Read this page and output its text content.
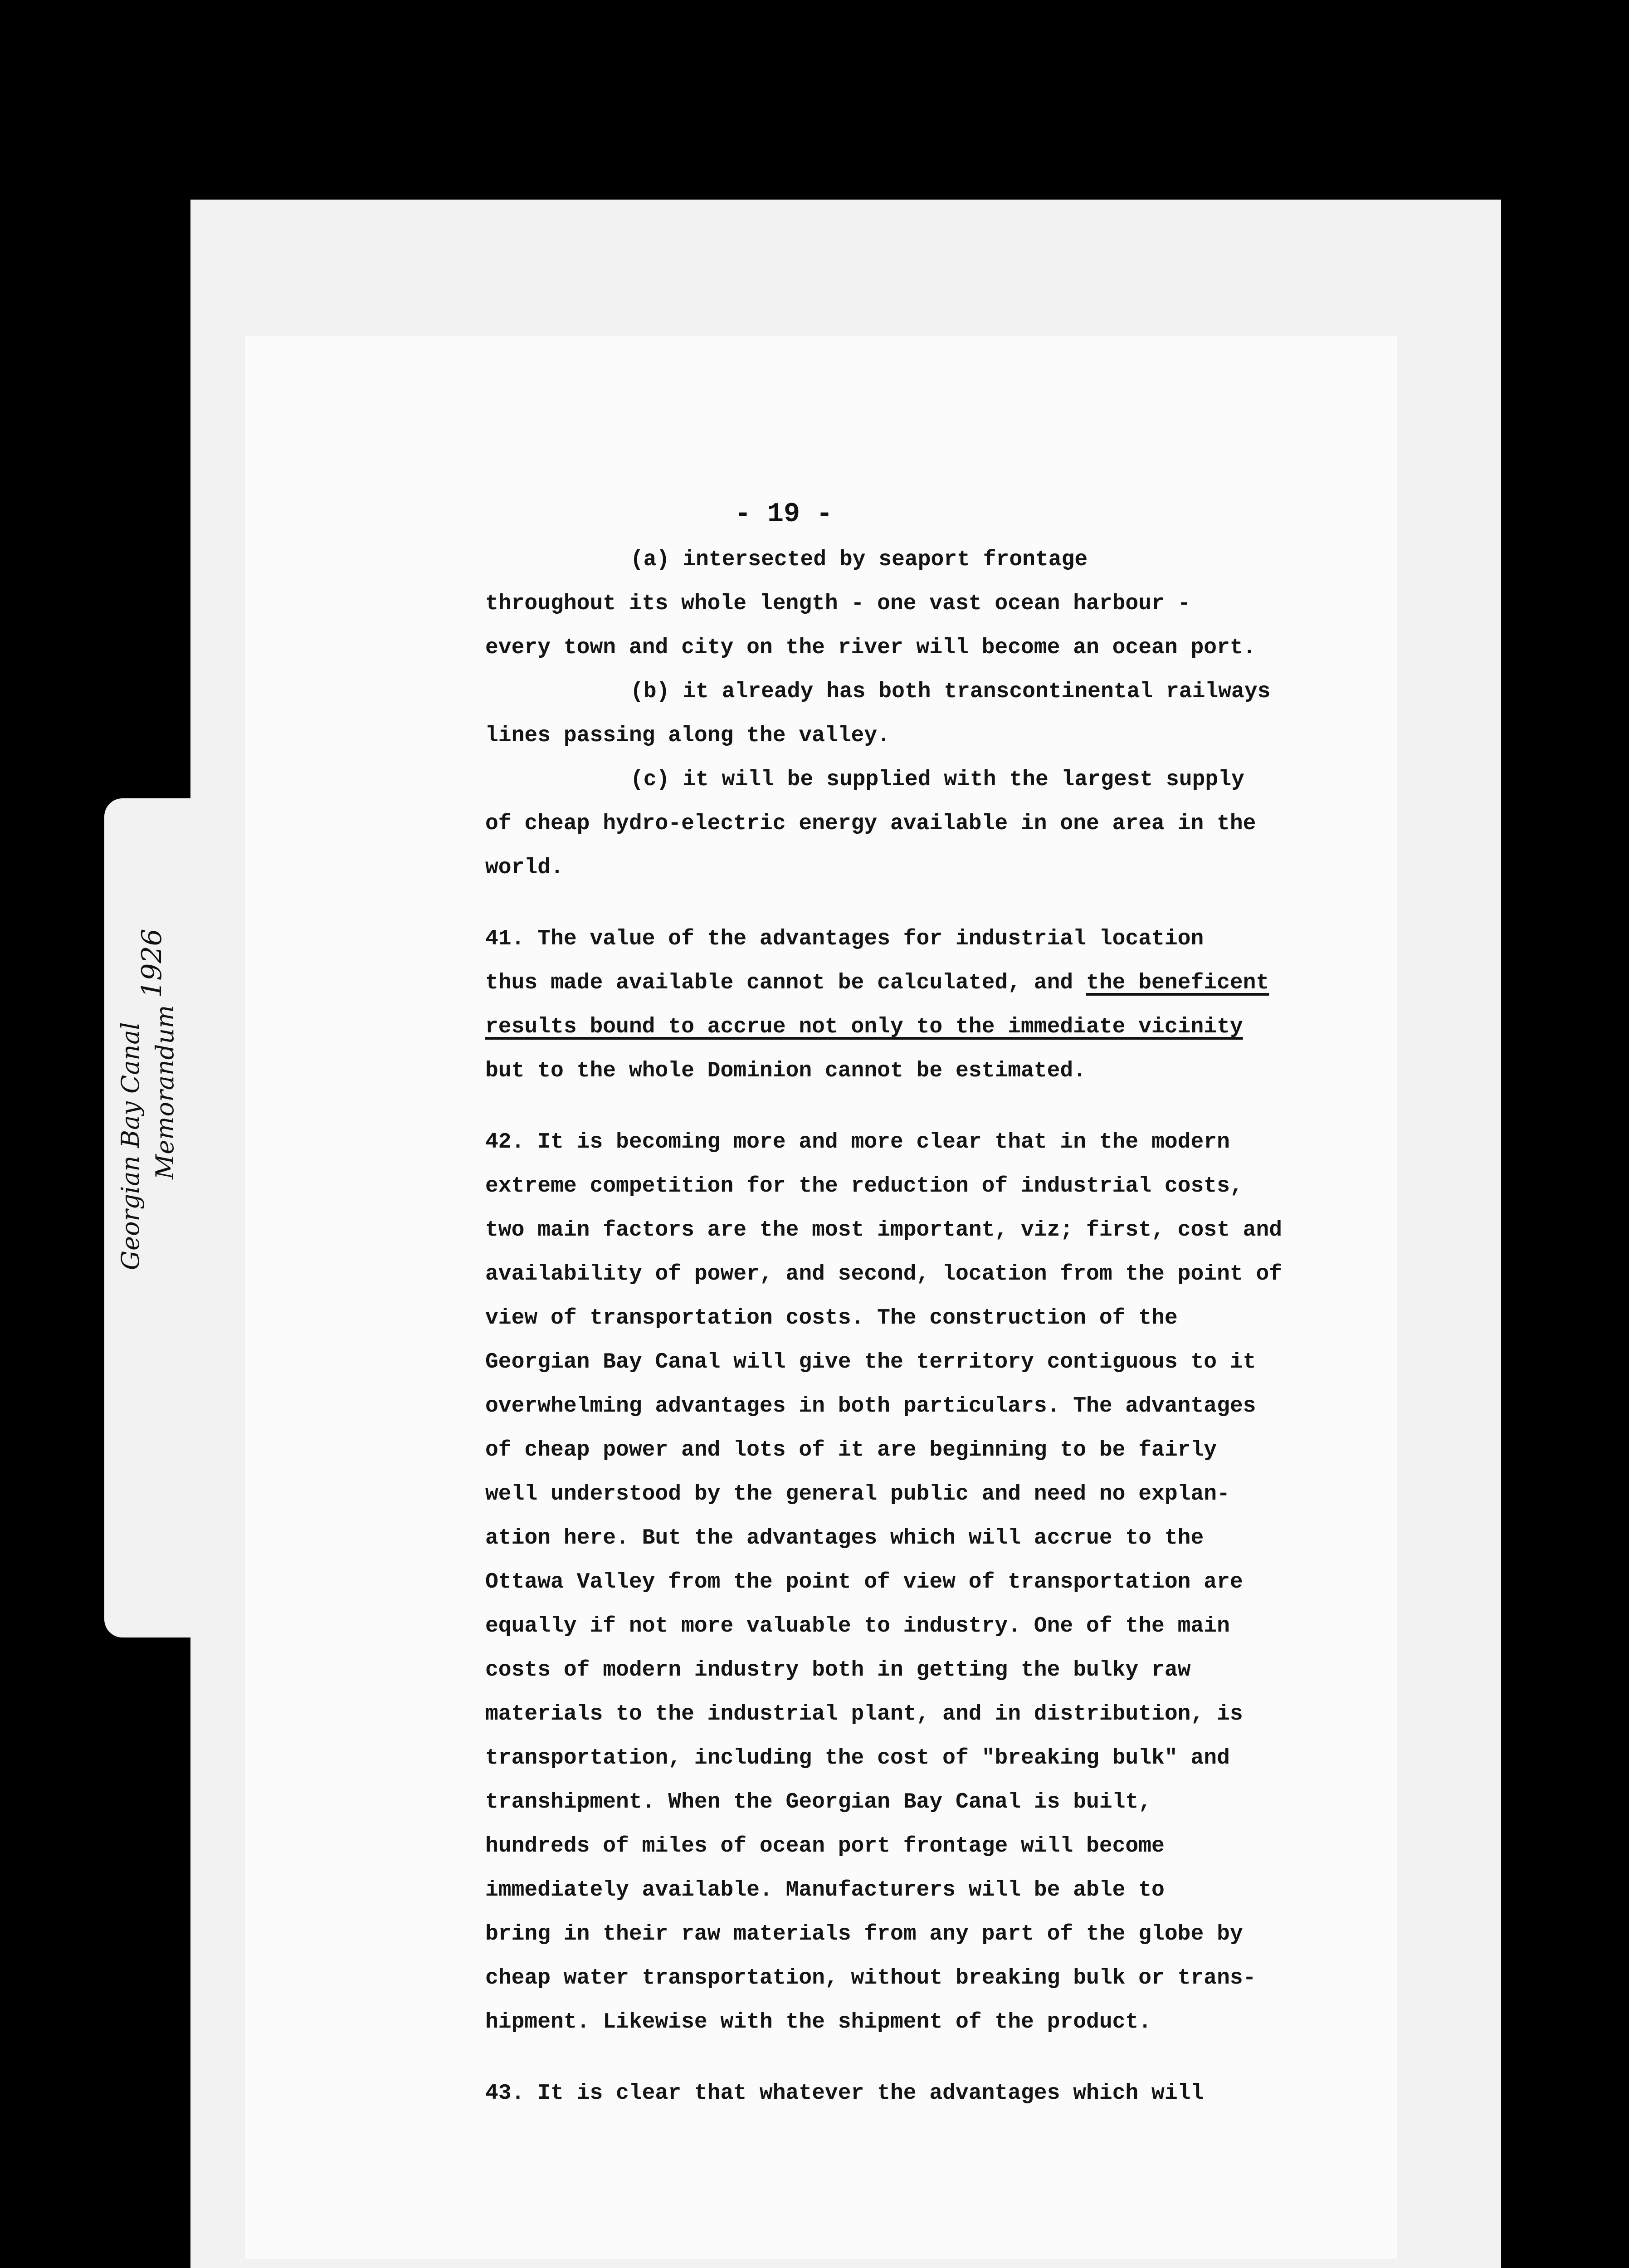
- 19 -
(a) intersected by seaport frontage
throughout its whole length - one vast ocean harbour -
every town and city on the river will become an ocean port.
(b) it already has both transcontinental railways
lines passing along the valley.
(c) it will be supplied with the largest supply
of cheap hydro-electric energy available in one area in the
world.
41. The value of the advantages for industrial location
thus made available cannot be calculated, and the beneficent
results bound to accrue not only to the immediate vicinity
but to the whole Dominion cannot be estimated.
42. It is becoming more and more clear that in the modern
extreme competition for the reduction of industrial costs,
two main factors are the most important, viz; first, cost and
availability of power, and second, location from the point of
view of transportation costs. The construction of the
Georgian Bay Canal will give the territory contiguous to it
overwhelming advantages in both particulars. The advantages
of cheap power and lots of it are beginning to be fairly
well understood by the general public and need no explan-
ation here. But the advantages which will accrue to the
Ottawa Valley from the point of view of transportation are
equally if not more valuable to industry. One of the main
costs of modern industry both in getting the bulky raw
materials to the industrial plant, and in distribution, is
transportation, including the cost of "breaking bulk" and
transhipment. When the Georgian Bay Canal is built,
hundreds of miles of ocean port frontage will become
immediately available. Manufacturers will be able to
bring in their raw materials from any part of the globe by
cheap water transportation, without breaking bulk or trans-
hipment. Likewise with the shipment of the product.
43. It is clear that whatever the advantages which will
1926
Georgian Bay Canal Memorandum
